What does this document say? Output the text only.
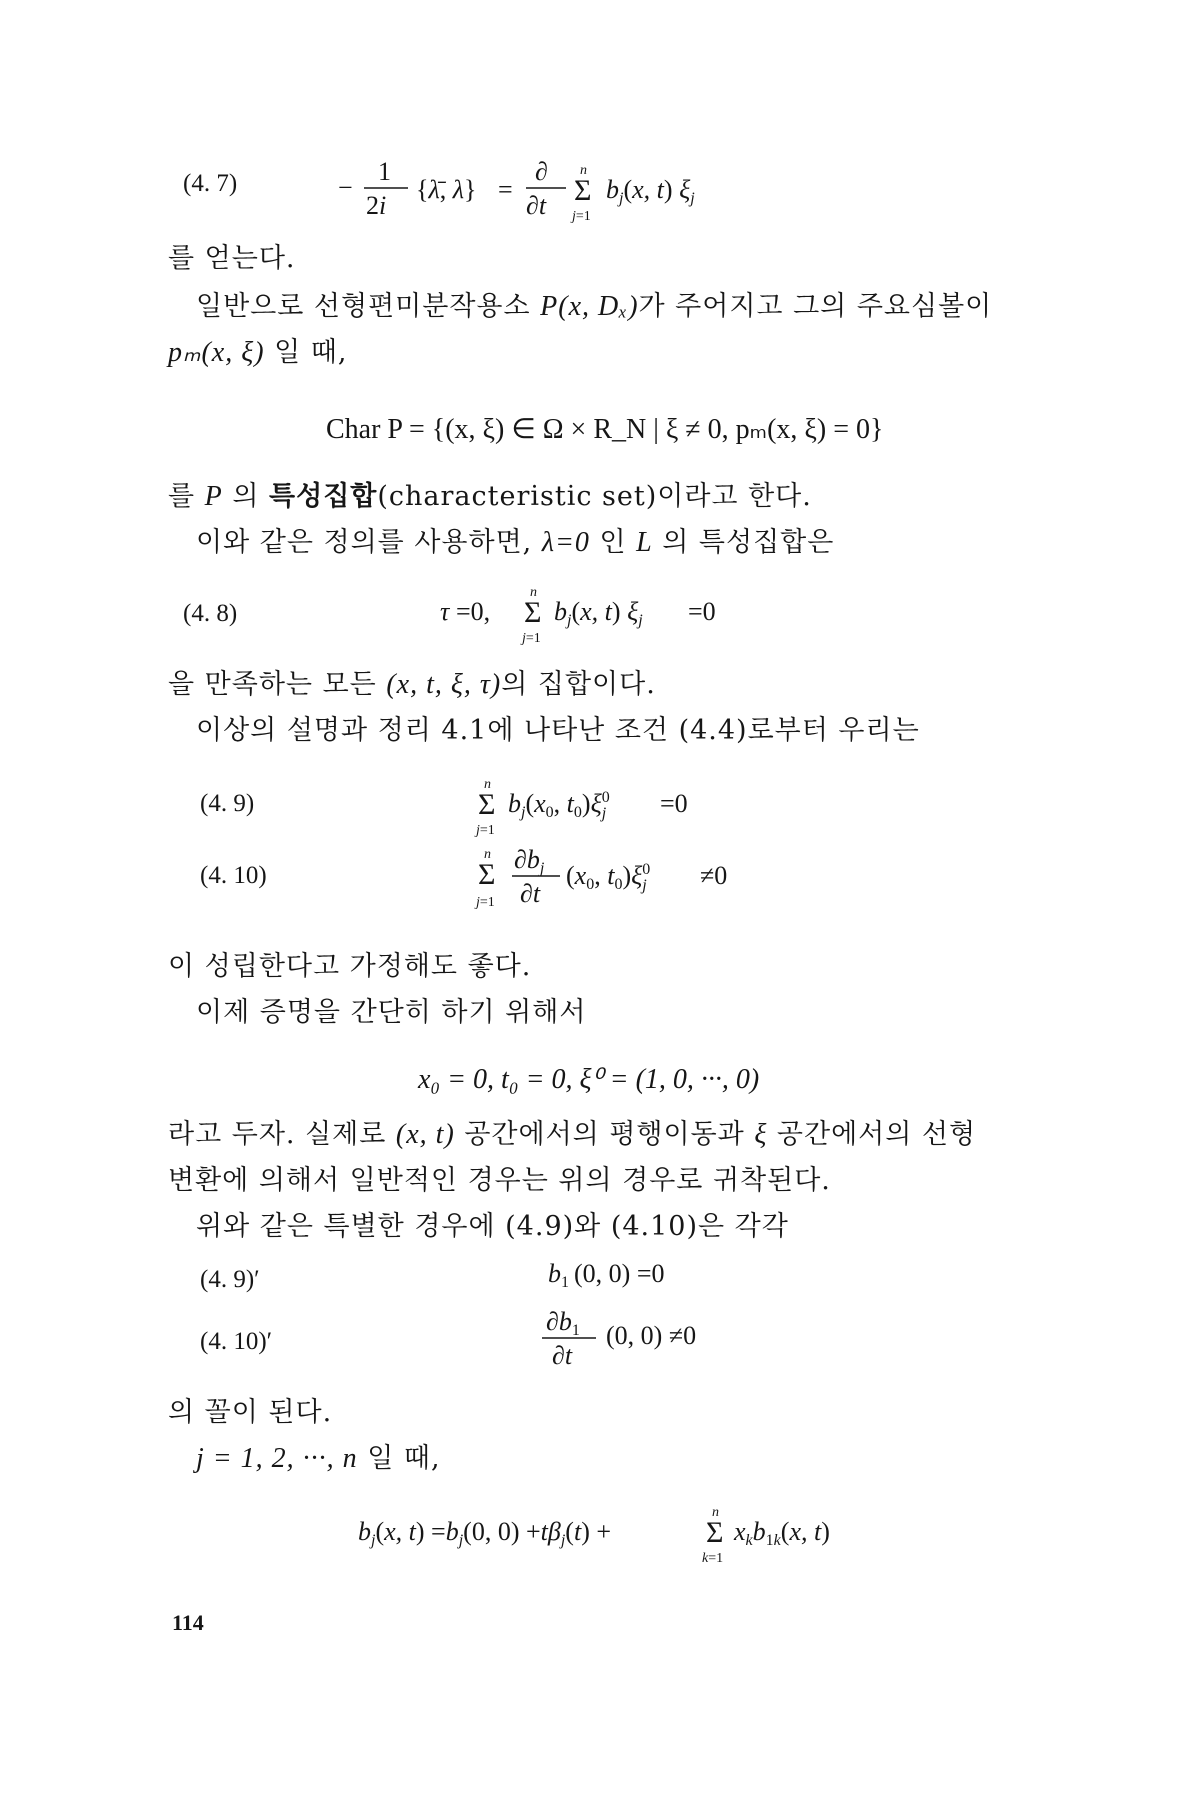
(4. 7)	−
1
2i
{λ̄, λ} =
∂
∂t Σ
n
j=1
bj(x, t) ξj
를 얻는다.
일반으로 선형편미분작용소 P(x, Dₓ)가 주어지고 그의 주요심볼이
pₘ(x, ξ) 일 때,
Char P = {(x, ξ) ∈ Ω × R_N | ξ ≠ 0, pₘ(x, ξ) = 0}
를 P 의 특성집합(characteristic set)이라고 한다.
이와 같은 정의를 사용하면, λ=0 인 L 의 특성집합은
(4. 8)	τ =0, Σ
n
j=1
bj(x, t) ξj =0
을 만족하는 모든 (x, t, ξ, τ)의 집합이다.
이상의 설명과 정리 4.1에 나타난 조건 (4.4)로부터 우리는
(4. 9)	Σ
n
j=1
bj(x0, $t0)\xi^0$ j =0
(4. 10)	Σ
n
j=1
∂bj
∂t
(x0, $t0)\xi^0$ j ≠0
이 성립한다고 가정해도 좋다.
이제 증명을 간단히 하기 위해서
x₀ = 0, t₀ = 0, ξ⁰ = (1, 0, ···, 0)
라고 두자. 실제로 (x, t) 공간에서의 평행이동과 ξ 공간에서의 선형
변환에 의해서 일반적인 경우는 위의 경우로 귀착된다.
위와 같은 특별한 경우에 (4.9)와 (4.10)은 각각
(4. 9)′	b1 (0, 0) =0
(4. 10)′
∂b1
∂t
(0, 0) ≠0
의 꼴이 된다.
j = 1, 2, ···, n 일 때,
bj(x, t) =bj(0, 0) +tβj(t) +	Σ
n
k=1
xkb1k(x, t)
114
